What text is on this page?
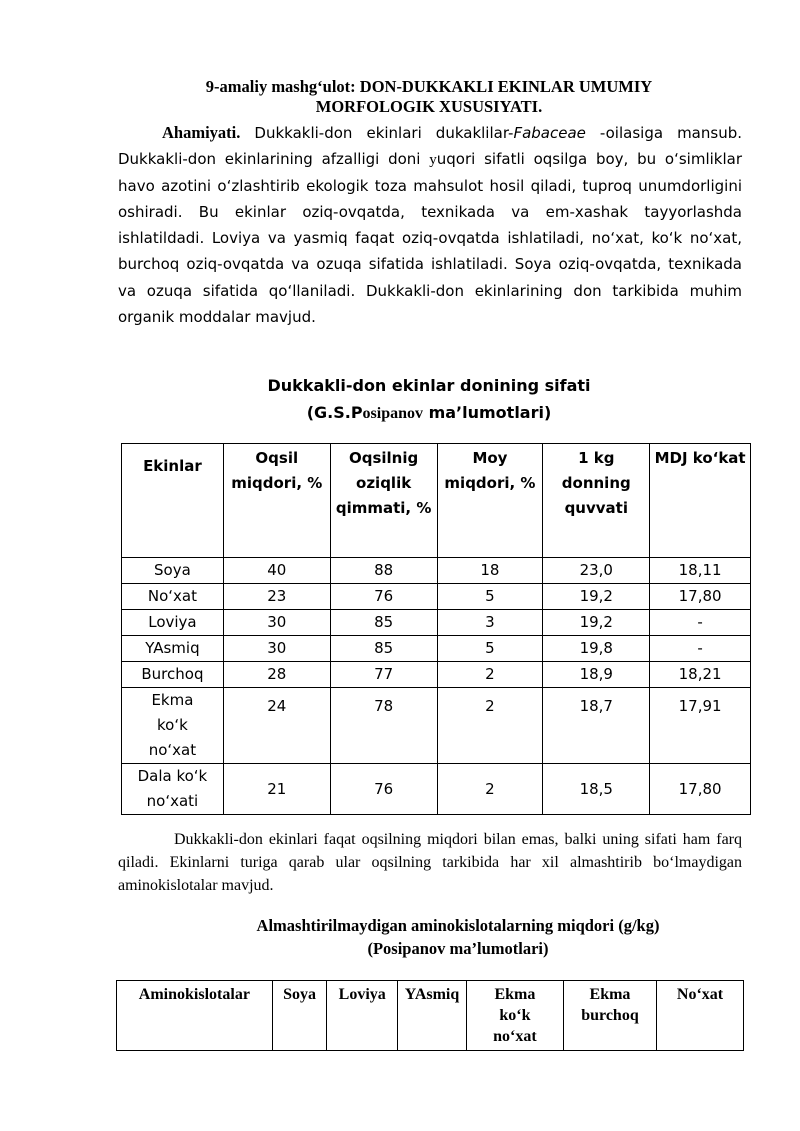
9-amaliy mashg‘ulot: DON-DUKKAKLI EKINLAR UMUMIY
MORFOLOGIK XUSUSIYATI.

Ahamiyati. Dukkakli-don ekinlari dukaklilar-Fabaceae -oilasiga mansub. Dukkakli-don ekinlarining afzalligi doni yuqori sifatli oqsilga boy, bu o‘simliklar havo azotini o‘zlashtirib ekologik toza mahsulot hosil qiladi, tuproq unumdorligini oshiradi. Bu ekinlar oziq-ovqatda, texnikada va em-xashak tayyorlashda ishlatildadi. Loviya va yasmiq faqat oziq-ovqatda ishlatiladi, no‘xat, ko‘k no‘xat, burchoq oziq-ovqatda va ozuqa sifatida ishlatiladi. Soya oziq-ovqatda, texnikada va ozuqa sifatida qo‘llaniladi. Dukkakli-don ekinlarining don tarkibida muhim organik moddalar mavjud.

Dukkakli-don ekinlar donining sifati
(G.S.Posipanov ma’lumotlari)
Ekinlar	Oqsil miqdori, %	Oqsilnig oziqlik qimmati, %	Moy miqdori, %	1 kg donning quvvati	MDJ ko‘kat
Soya	40	88	18	23,0	18,11
No‘xat	23	76	5	19,2	17,80
Loviya	30	85	3	19,2	-
YAsmiq	30	85	5	19,8	-
Burchoq	28	77	2	18,9	18,21
Ekma ko‘k no‘xat	24	78	2	18,7	17,91
Dala ko‘k no‘xati	21	76	2	18,5	17,80

Dukkakli-don ekinlari faqat oqsilning miqdori bilan emas, balki uning sifati ham farq qiladi. Ekinlarni turiga qarab ular oqsilning tarkibida har xil almashtirib bo‘lmaydigan aminokislotalar mavjud.

Almashtirilmaydigan aminokislotalarning miqdori (g/kg)
(Posipanov ma’lumotlari)
Aminokislotalar	Soya	Loviya	YAsmiq	Ekma ko‘k no‘xat	Ekma burchoq	No‘xat
